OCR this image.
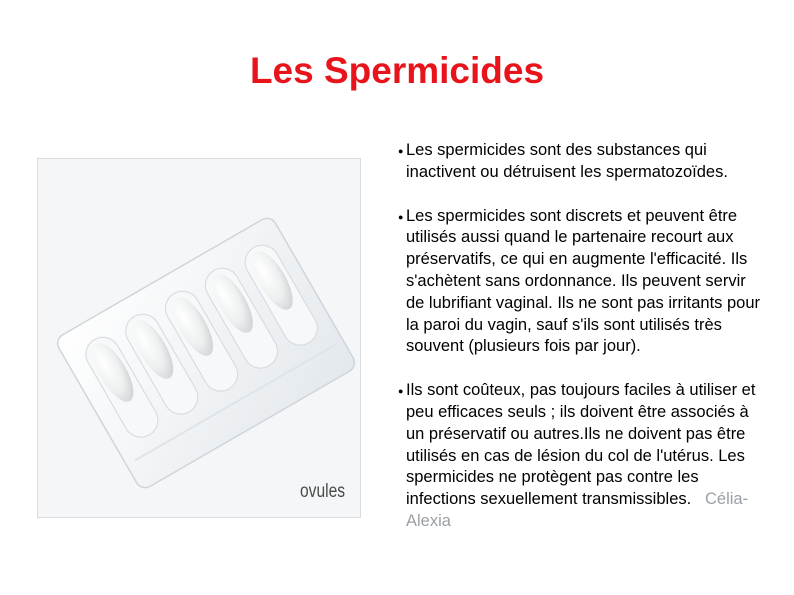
Les Spermicides
ovules
● Les spermicides sont des substances qui inactivent ou détruisent les spermatozoïdes.
● Les spermicides sont discrets et peuvent être utilisés aussi quand le partenaire recourt aux préservatifs, ce qui en augmente l'efficacité. Ils s'achètent sans ordonnance. Ils peuvent servir de lubrifiant vaginal. Ils ne sont pas irritants pour la paroi du vagin, sauf s'ils sont utilisés très souvent (plusieurs fois par jour).
● Ils sont coûteux, pas toujours faciles à utiliser et peu efficaces seuls ; ils doivent être associés à un préservatif ou autres.Ils ne doivent pas être utilisés en cas de lésion du col de l'utérus. Les spermicides ne protègent pas contre les infections sexuellement transmissibles.   Célia-Alexia
